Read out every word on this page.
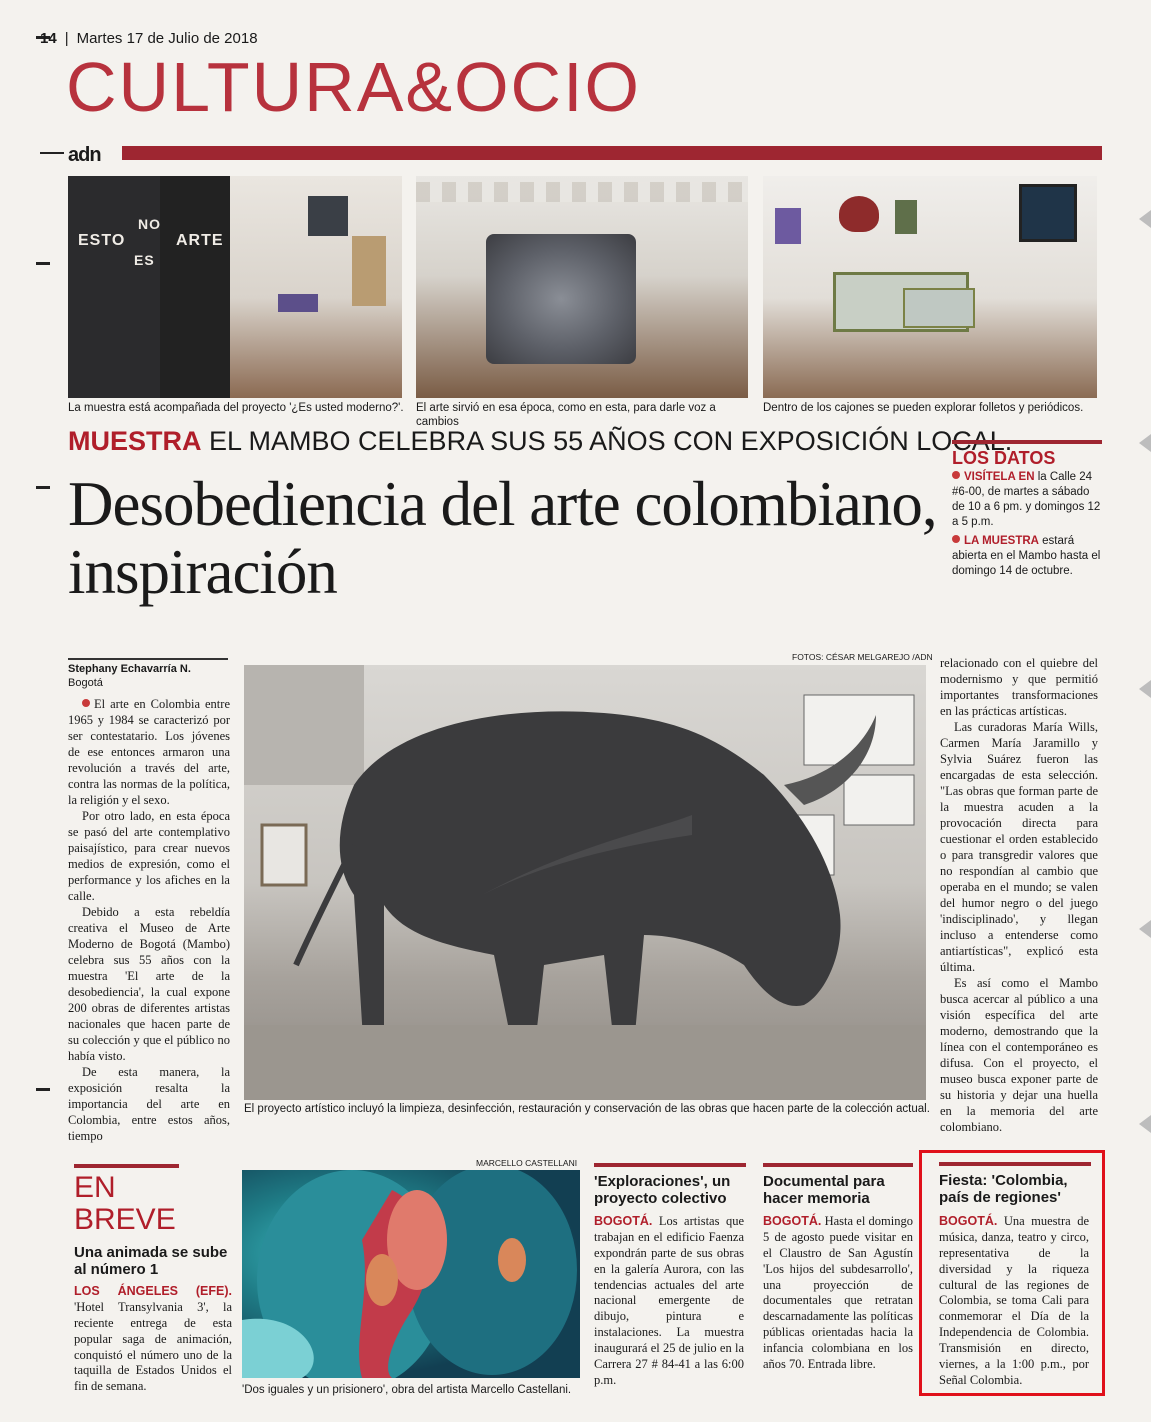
14 | Martes 17 de Julio de 2018
CULTURA&OCIO
adn
ESTO
NO
ES
ARTE
La muestra está acompañada del proyecto '¿Es usted moderno?'.	El arte sirvió en esa época, como en esta, para darle voz a cambios
Dentro de los cajones se pueden explorar folletos y periódicos.
MUESTRA EL MAMBO CELEBRA SUS 55 AÑOS CON EXPOSICIÓN LOCAL.
Desobediencia del arte colombiano, inspiración
LOS DATOS
VISÍTELA EN la Calle 24 #6-00, de martes a sábado de 10 a 6 pm. y domingos 12 a 5 p.m.
LA MUESTRA estará abierta en el Mambo hasta el domingo 14 de octubre.
Stephany Echavarría N.
Bogotá

El arte en Colombia entre 1965 y 1984 se caracterizó por ser contestatario. Los jóvenes de ese entonces armaron una revolución a través del arte, contra las normas de la política, la religión y el sexo.

Por otro lado, en esta época se pasó del arte contemplativo paisajístico, para crear nuevos medios de expresión, como el performance y los afiches en la calle.

Debido a esta rebeldía creativa el Museo de Arte Moderno de Bogotá (Mambo) celebra sus 55 años con la muestra 'El arte de la desobediencia', la cual expone 200 obras de diferentes artistas nacionales que hacen parte de su colección y que el público no había visto.

De esta manera, la exposición resalta la importancia del arte en Colombia, entre estos años, tiempo

FOTOS: CÉSAR MELGAREJO /ADN
El proyecto artístico incluyó la limpieza, desinfección, restauración y conservación de las obras que hacen parte de la colección actual.

relacionado con el quiebre del modernismo y que permitió importantes transformaciones en las prácticas artísticas.

Las curadoras María Wills, Carmen María Jaramillo y Sylvia Suárez fueron las encargadas de esta selección. "Las obras que forman parte de la muestra acuden a la provocación directa para cuestionar el orden establecido o para transgredir valores que no respondían al cambio que operaba en el mundo; se valen del humor negro o del juego 'indisciplinado', y llegan incluso a entenderse como antiartísticas", explicó esta última.

Es así como el Mambo busca acercar al público a una visión específica del arte moderno, demostrando que la línea con el contemporáneo es difusa. Con el proyecto, el museo busca exponer parte de su historia y dejar una huella en la memoria del arte colombiano.

EN BREVE
Una animada se sube al número 1
LOS ÁNGELES (EFE). 'Hotel Transylvania 3', la reciente entrega de esta popular saga de animación, conquistó el número uno de la taquilla de Estados Unidos el fin de semana.
MARCELLO CASTELLANI
'Dos iguales y un prisionero', obra del artista Marcello Castellani.
'Exploraciones', un proyecto colectivo
BOGOTÁ. Los artistas que trabajan en el edificio Faenza expondrán parte de sus obras en la galería Aurora, con las tendencias actuales del arte nacional emergente de dibujo, pintura e instalaciones. La muestra inaugurará el 25 de julio en la Carrera 27 # 84-41 a las 6:00 p.m.
Documental para hacer memoria
BOGOTÁ. Hasta el domingo 5 de agosto puede visitar en el Claustro de San Agustín 'Los hijos del subdesarrollo', una proyección de documentales que retratan descarnadamente las políticas públicas orientadas hacia la infancia colombiana en los años 70. Entrada libre.
Fiesta: 'Colombia, país de regiones'
BOGOTÁ. Una muestra de música, danza, teatro y circo, representativa de la diversidad y la riqueza cultural de las regiones de Colombia, se toma Cali para conmemorar el Día de la Independencia de Colombia. Transmisión en directo, viernes, a la 1:00 p.m., por Señal Colombia.
